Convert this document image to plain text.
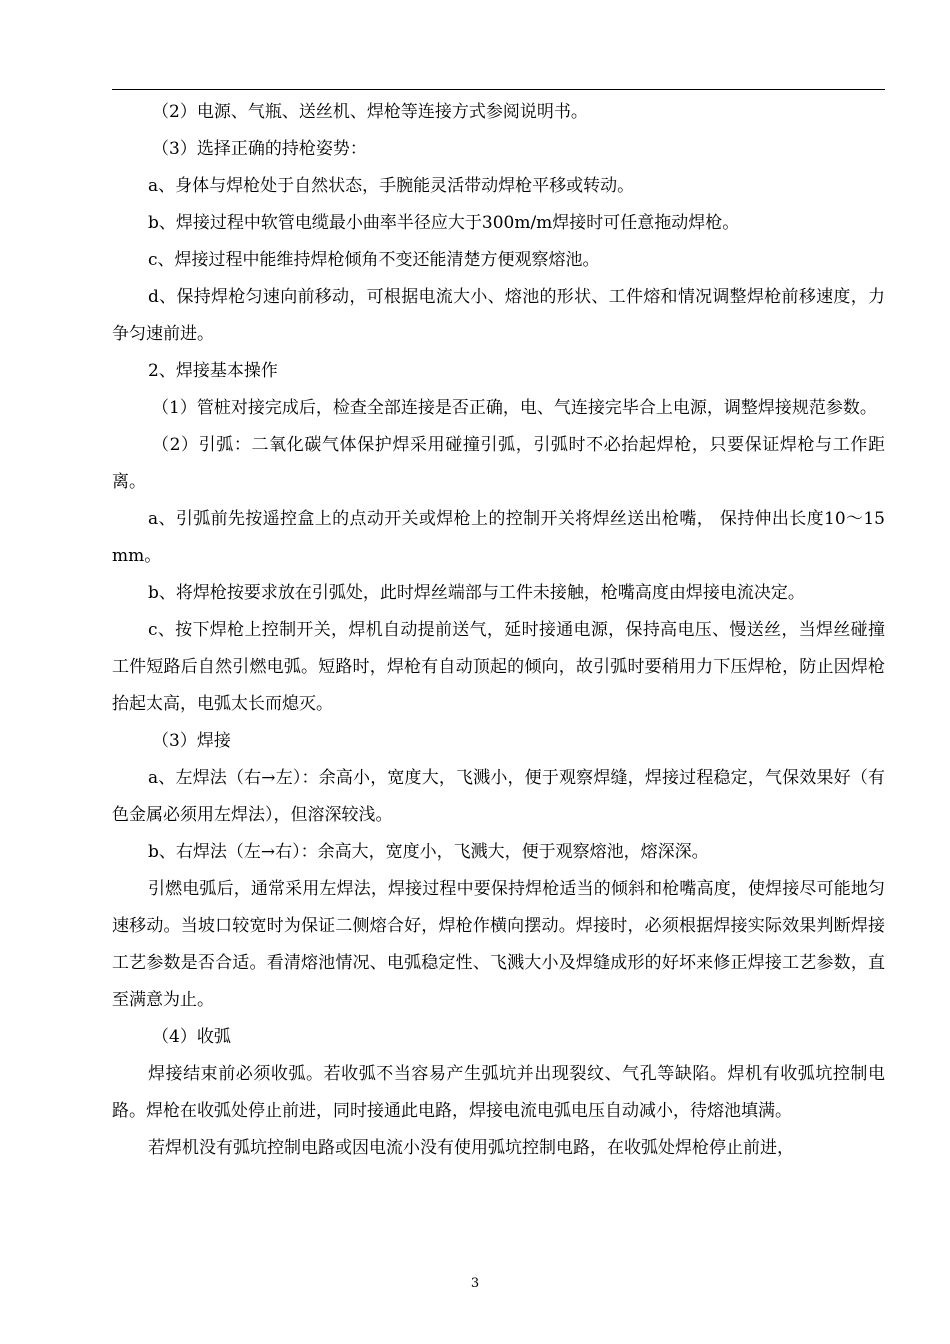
（2）电源、气瓶、送丝机、焊枪等连接方式参阅说明书。

（3）选择正确的持枪姿势：

a、身体与焊枪处于自然状态，手腕能灵活带动焊枪平移或转动。

b、焊接过程中软管电缆最小曲率半径应大于300m/m焊接时可任意拖动焊枪。

c、焊接过程中能维持焊枪倾角不变还能清楚方便观察熔池。

d、保持焊枪匀速向前移动，可根据电流大小、熔池的形状、工件熔和情况调整焊枪前移速度，力争匀速前进。

2、焊接基本操作

（1）管桩对接完成后，检查全部连接是否正确，电、气连接完毕合上电源，调整焊接规范参数。

（2）引弧：二氧化碳气体保护焊采用碰撞引弧，引弧时不必抬起焊枪，只要保证焊枪与工作距离。

a、引弧前先按遥控盒上的点动开关或焊枪上的控制开关将焊丝送出枪嘴， 保持伸出长度10～15 mm。

b、将焊枪按要求放在引弧处，此时焊丝端部与工件未接触，枪嘴高度由焊接电流决定。

c、按下焊枪上控制开关，焊机自动提前送气，延时接通电源，保持高电压、慢送丝，当焊丝碰撞工件短路后自然引燃电弧。短路时，焊枪有自动顶起的倾向，故引弧时要稍用力下压焊枪，防止因焊枪抬起太高，电弧太长而熄灭。

（3）焊接

a、左焊法（右→左）：余高小，宽度大，飞溅小，便于观察焊缝，焊接过程稳定，气保效果好（有色金属必须用左焊法），但溶深较浅。

b、右焊法（左→右）：余高大，宽度小，飞溅大，便于观察熔池，熔深深。

引燃电弧后，通常采用左焊法，焊接过程中要保持焊枪适当的倾斜和枪嘴高度，使焊接尽可能地匀速移动。当坡口较宽时为保证二侧熔合好，焊枪作横向摆动。焊接时，必须根据焊接实际效果判断焊接工艺参数是否合适。看清熔池情况、电弧稳定性、飞溅大小及焊缝成形的好坏来修正焊接工艺参数，直至满意为止。

（4）收弧

焊接结束前必须收弧。若收弧不当容易产生弧坑并出现裂纹、气孔等缺陷。焊机有收弧坑控制电路。焊枪在收弧处停止前进，同时接通此电路，焊接电流电弧电压自动减小，待熔池填满。

若焊机没有弧坑控制电路或因电流小没有使用弧坑控制电路，在收弧处焊枪停止前进，

3
